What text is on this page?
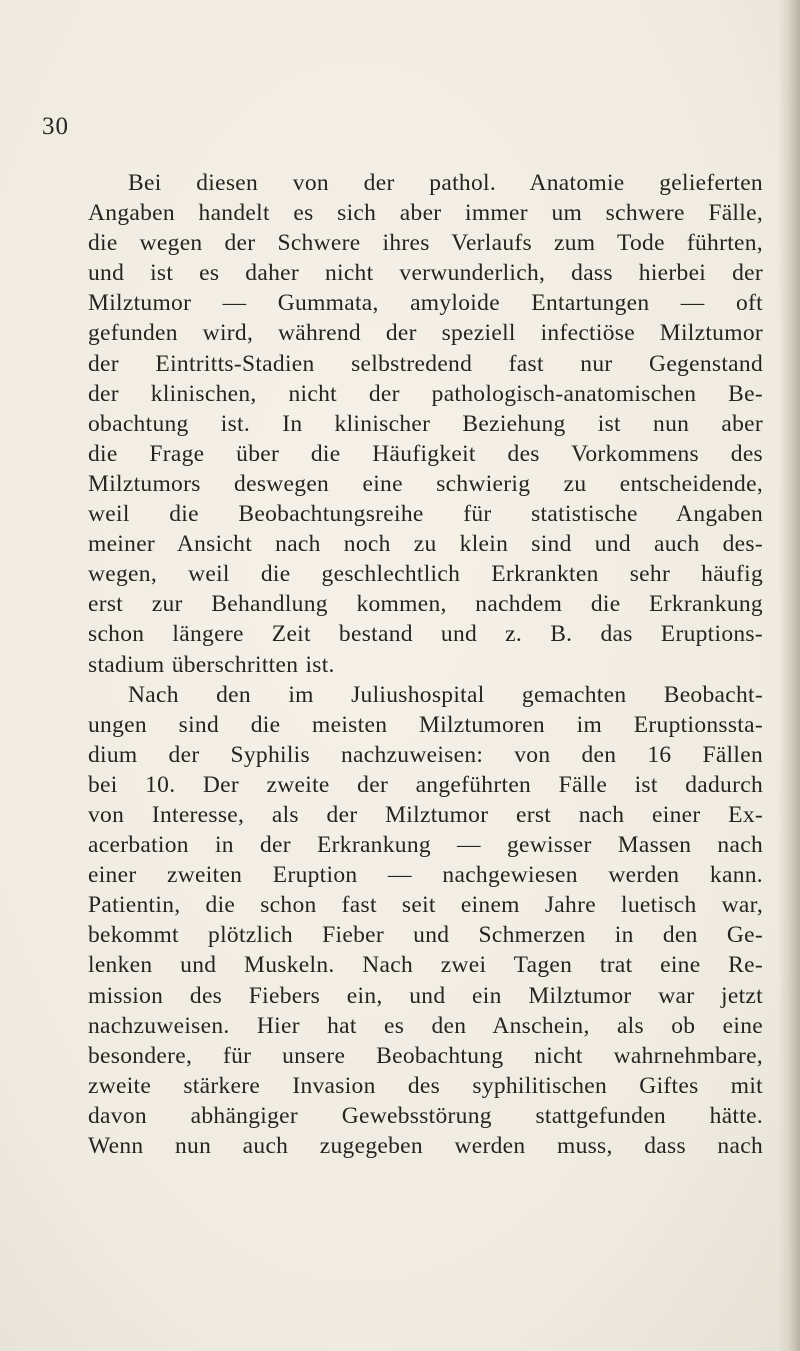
30
Bei diesen von der pathol. Anatomie gelieferten
Angaben handelt es sich aber immer um schwere Fälle,
die wegen der Schwere ihres Verlaufs zum Tode führten,
und ist es daher nicht verwunderlich, dass hierbei der
Milztumor — Gummata, amyloide Entartungen — oft
gefunden wird, während der speziell infectiöse Milztumor
der Eintritts-Stadien selbstredend fast nur Gegenstand
der klinischen, nicht der pathologisch-anatomischen Be-
obachtung ist. In klinischer Beziehung ist nun aber
die Frage über die Häufigkeit des Vorkommens des
Milztumors deswegen eine schwierig zu entscheidende,
weil die Beobachtungsreihe für statistische Angaben
meiner Ansicht nach noch zu klein sind und auch des-
wegen, weil die geschlechtlich Erkrankten sehr häufig
erst zur Behandlung kommen, nachdem die Erkrankung
schon längere Zeit bestand und z. B. das Eruptions-
stadium überschritten ist.
Nach den im Juliushospital gemachten Beobacht-
ungen sind die meisten Milztumoren im Eruptionssta-
dium der Syphilis nachzuweisen: von den 16 Fällen
bei 10. Der zweite der angeführten Fälle ist dadurch
von Interesse, als der Milztumor erst nach einer Ex-
acerbation in der Erkrankung — gewisser Massen nach
einer zweiten Eruption — nachgewiesen werden kann.
Patientin, die schon fast seit einem Jahre luetisch war,
bekommt plötzlich Fieber und Schmerzen in den Ge-
lenken und Muskeln. Nach zwei Tagen trat eine Re-
mission des Fiebers ein, und ein Milztumor war jetzt
nachzuweisen. Hier hat es den Anschein, als ob eine
besondere, für unsere Beobachtung nicht wahrnehmbare,
zweite stärkere Invasion des syphilitischen Giftes mit
davon abhängiger Gewebsstörung stattgefunden hätte.
Wenn nun auch zugegeben werden muss, dass nach
